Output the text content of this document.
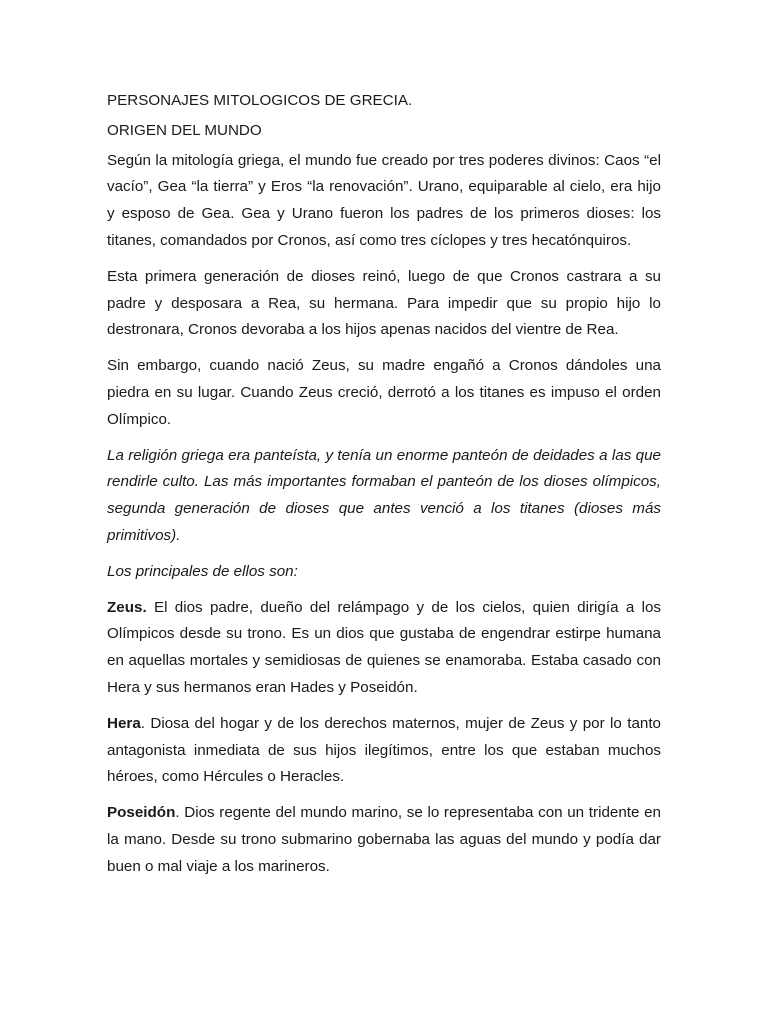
PERSONAJES MITOLOGICOS DE GRECIA.

ORIGEN DEL MUNDO

Según la mitología griega, el mundo fue creado por tres poderes divinos: Caos “el vacío”, Gea “la tierra” y Eros “la renovación”. Urano, equiparable al cielo, era hijo y esposo de Gea. Gea y Urano fueron los padres de los primeros dioses: los titanes, comandados por Cronos, así como tres cíclopes y tres hecatónquiros.

Esta primera generación de dioses reinó, luego de que Cronos castrara a su padre y desposara a Rea, su hermana. Para impedir que su propio hijo lo destronara, Cronos devoraba a los hijos apenas nacidos del vientre de Rea.

Sin embargo, cuando nació Zeus, su madre engañó a Cronos dándoles una piedra en su lugar. Cuando Zeus creció, derrotó a los titanes es impuso el orden Olímpico.

La religión griega era panteísta, y tenía un enorme panteón de deidades a las que rendirle culto. Las más importantes formaban el panteón de los dioses olímpicos, segunda generación de dioses que antes venció a los titanes (dioses más primitivos).

Los principales de ellos son:

Zeus. El dios padre, dueño del relámpago y de los cielos, quien dirigía a los Olímpicos desde su trono. Es un dios que gustaba de engendrar estirpe humana en aquellas mortales y semidiosas de quienes se enamoraba. Estaba casado con Hera y sus hermanos eran Hades y Poseidón.

Hera. Diosa del hogar y de los derechos maternos, mujer de Zeus y por lo tanto antagonista inmediata de sus hijos ilegítimos, entre los que estaban muchos héroes, como Hércules o Heracles.

Poseidón. Dios regente del mundo marino, se lo representaba con un tridente en la mano. Desde su trono submarino gobernaba las aguas del mundo y podía dar buen o mal viaje a los marineros.
